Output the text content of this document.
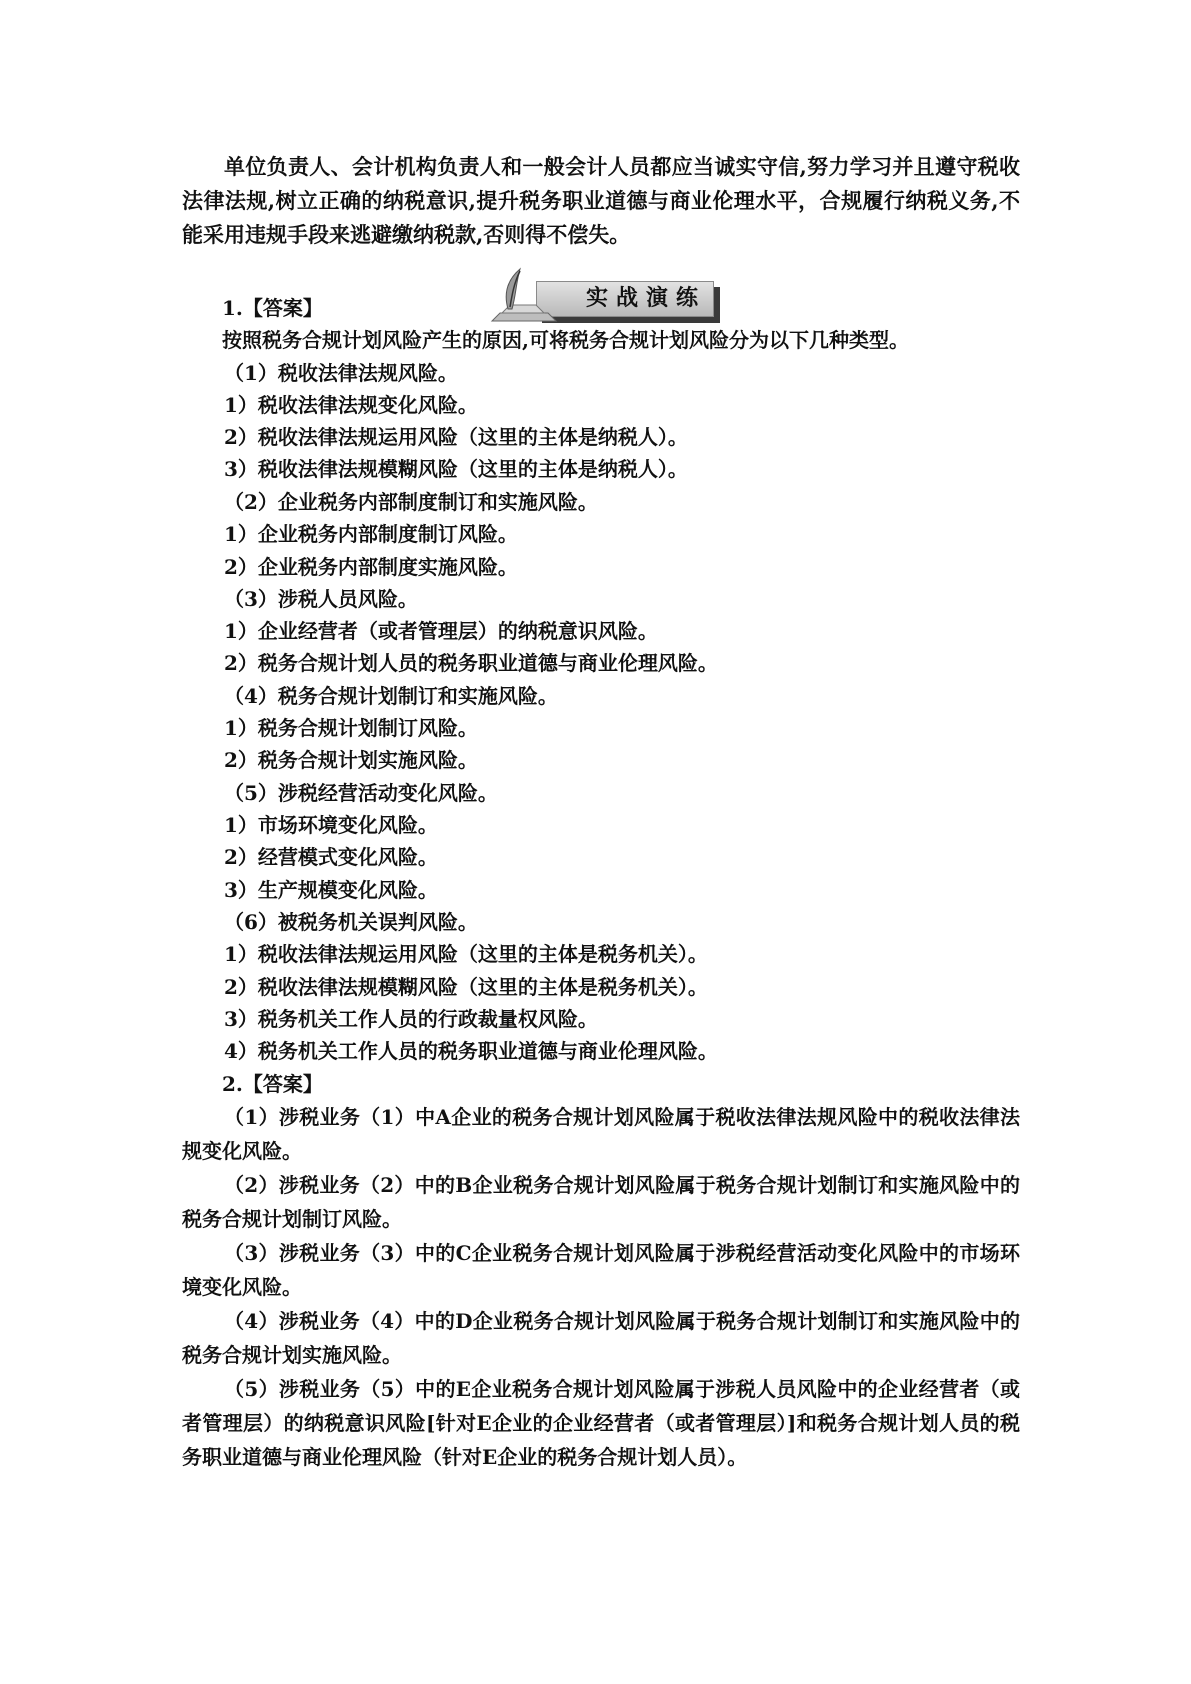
单位负责人、会计机构负责人和一般会计人员都应当诚实守信,努力学习并且遵守税收法律法规,树立正确的纳税意识,提升税务职业道德与商业伦理水平，合规履行纳税义务,不能采用违规手段来逃避缴纳税款,否则得不偿失。

实战演练
1.【答案】
按照税务合规计划风险产生的原因,可将税务合规计划风险分为以下几种类型。
（1）税收法律法规风险。
1）税收法律法规变化风险。
2）税收法律法规运用风险（这里的主体是纳税人）。
3）税收法律法规模糊风险（这里的主体是纳税人）。
（2）企业税务内部制度制订和实施风险。
1）企业税务内部制度制订风险。
2）企业税务内部制度实施风险。
（3）涉税人员风险。
1）企业经营者（或者管理层）的纳税意识风险。
2）税务合规计划人员的税务职业道德与商业伦理风险。
（4）税务合规计划制订和实施风险。
1）税务合规计划制订风险。
2）税务合规计划实施风险。
（5）涉税经营活动变化风险。
1）市场环境变化风险。
2）经营模式变化风险。
3）生产规模变化风险。
（6）被税务机关误判风险。
1）税收法律法规运用风险（这里的主体是税务机关）。
2）税收法律法规模糊风险（这里的主体是税务机关）。
3）税务机关工作人员的行政裁量权风险。
4）税务机关工作人员的税务职业道德与商业伦理风险。
2.【答案】

（1）涉税业务（1）中A企业的税务合规计划风险属于税收法律法规风险中的税收法律法规变化风险。

（2）涉税业务（2）中的B企业税务合规计划风险属于税务合规计划制订和实施风险中的税务合规计划制订风险。

（3）涉税业务（3）中的C企业税务合规计划风险属于涉税经营活动变化风险中的市场环境变化风险。

（4）涉税业务（4）中的D企业税务合规计划风险属于税务合规计划制订和实施风险中的税务合规计划实施风险。

（5）涉税业务（5）中的E企业税务合规计划风险属于涉税人员风险中的企业经营者（或者管理层）的纳税意识风险[针对E企业的企业经营者（或者管理层）]和税务合规计划人员的税务职业道德与商业伦理风险（针对E企业的税务合规计划人员）。
